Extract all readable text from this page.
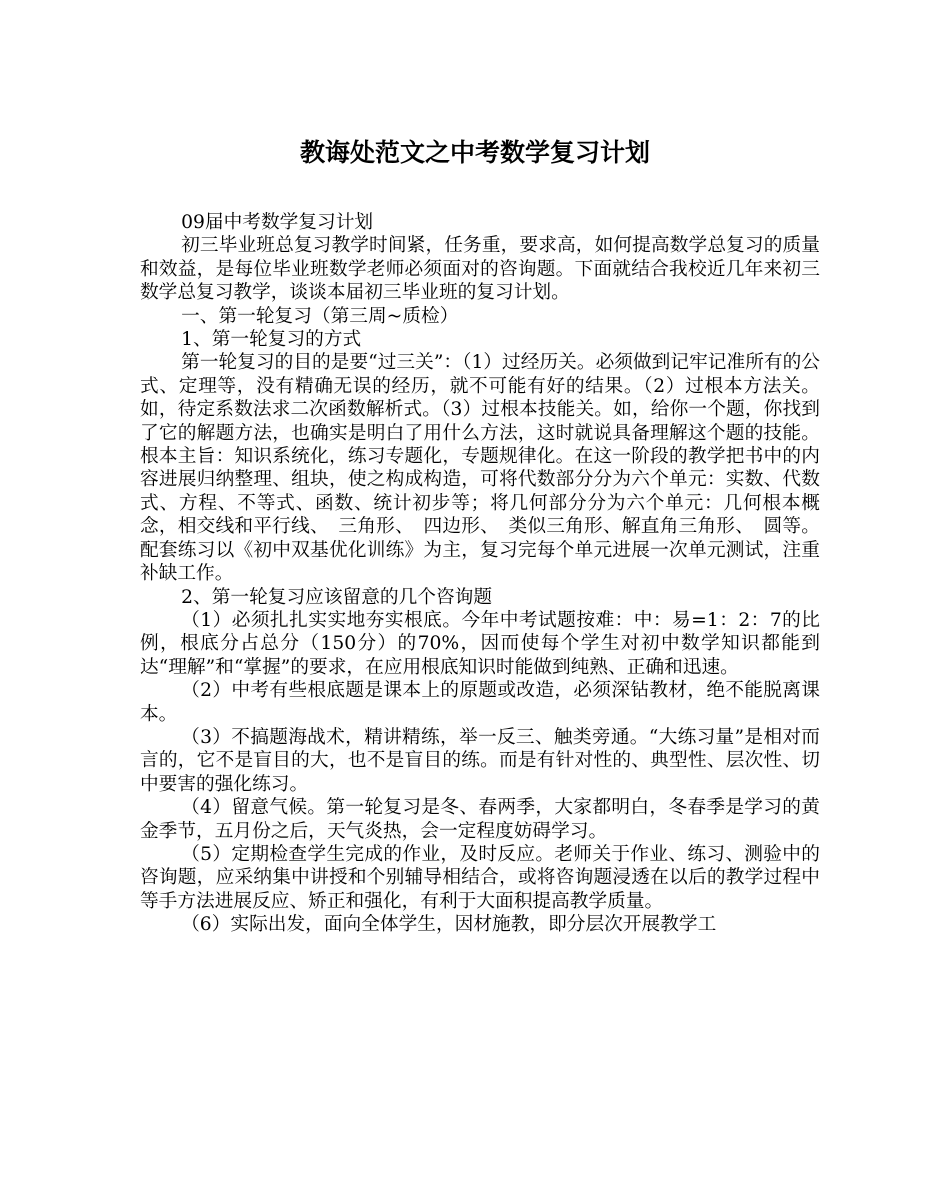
教诲处范文之中考数学复习计划

09届中考数学复习计划

初三毕业班总复习教学时间紧，任务重，要求高，如何提高数学总复习的质量和效益，是每位毕业班数学老师必须面对的咨询题。下面就结合我校近几年来初三数学总复习教学，谈谈本届初三毕业班的复习计划。

一、第一轮复习（第三周~质检）

1、第一轮复习的方式

第一轮复习的目的是要“过三关”：（1）过经历关。必须做到记牢记准所有的公式、定理等，没有精确无误的经历，就不可能有好的结果。（2）过根本方法关。如，待定系数法求二次函数解析式。（3）过根本技能关。如，给你一个题，你找到了它的解题方法，也确实是明白了用什么方法，这时就说具备理解这个题的技能。根本主旨：知识系统化，练习专题化，专题规律化。在这一阶段的教学把书中的内容进展归纳整理、组块，使之构成构造，可将代数部分分为六个单元：实数、代数式、方程、不等式、函数、统计初步等；将几何部分分为六个单元：几何根本概念，相交线和平行线、　三角形、　四边形、　类似三角形、解直角三角形、　圆等。配套练习以《初中双基优化训练》为主，复习完每个单元进展一次单元测试，注重补缺工作。

2、第一轮复习应该留意的几个咨询题

（1）必须扎扎实实地夯实根底。今年中考试题按难：中：易=1：2：7的比例，根底分占总分（150分）的70%，因而使每个学生对初中数学知识都能到达“理解”和“掌握”的要求，在应用根底知识时能做到纯熟、正确和迅速。

（2）中考有些根底题是课本上的原题或改造，必须深钻教材，绝不能脱离课本。

（3）不搞题海战术，精讲精练，举一反三、触类旁通。“大练习量”是相对而言的，它不是盲目的大，也不是盲目的练。而是有针对性的、典型性、层次性、切中要害的强化练习。

（4）留意气候。第一轮复习是冬、春两季，大家都明白，冬春季是学习的黄金季节，五月份之后，天气炎热，会一定程度妨碍学习。

（5）定期检查学生完成的作业，及时反应。老师关于作业、练习、测验中的咨询题，应采纳集中讲授和个别辅导相结合，或将咨询题浸透在以后的教学过程中等手方法进展反应、矫正和强化，有利于大面积提高教学质量。

（6）实际出发，面向全体学生，因材施教，即分层次开展教学工
